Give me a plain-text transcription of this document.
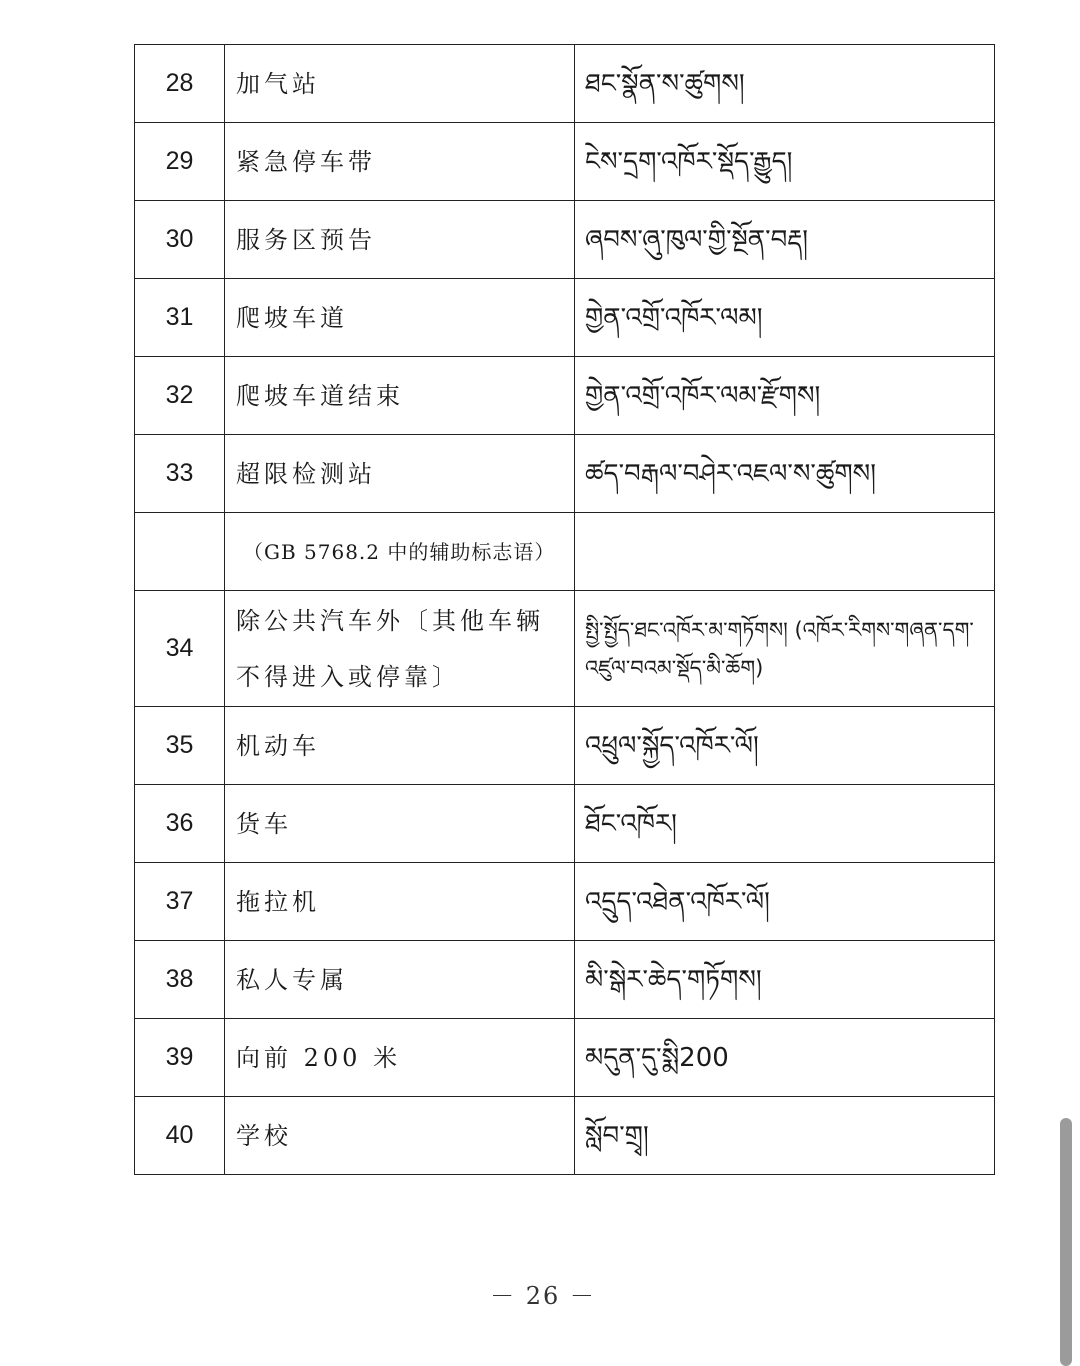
28	加气站	ཐང་སྣོན་ས་ཚུགས།
29	紧急停车带	ངེས་དྲག་འཁོར་སྡོད་རྒྱུད།
30	服务区预告	ཞབས་ཞུ་ཁུལ་གྱི་སྔོན་བརྡ།
31	爬坡车道	གྱེན་འགྲོ་འཁོར་ལམ།
32	爬坡车道结束	གྱེན་འགྲོ་འཁོར་ལམ་རྫོགས།
33	超限检测站	ཚད་བརྒལ་བཤེར་འཇལ་ས་ཚུགས།
	（GB 5768.2 中的辅助标志语）	
34	除公共汽车外〔其他车辆不得进入或停靠〕	སྤྱི་སྤྱོད་ཐང་འཁོར་མ་གཏོགས། (འཁོར་རིགས་གཞན་དག་འཛུལ་བའམ་སྡོད་མི་ཆོག)
35	机动车	འཕྲུལ་སྐྱོད་འཁོར་ལོ།
36	货车	ཐོང་འཁོར།
37	拖拉机	འདྲུད་འཐེན་འཁོར་ལོ།
38	私人专属	མི་སྒེར་ཆེད་གཏོགས།
39	向前 200 米	མདུན་དུ་སྨི200
40	学校	སློབ་གྲྭ།
－ 26 －
